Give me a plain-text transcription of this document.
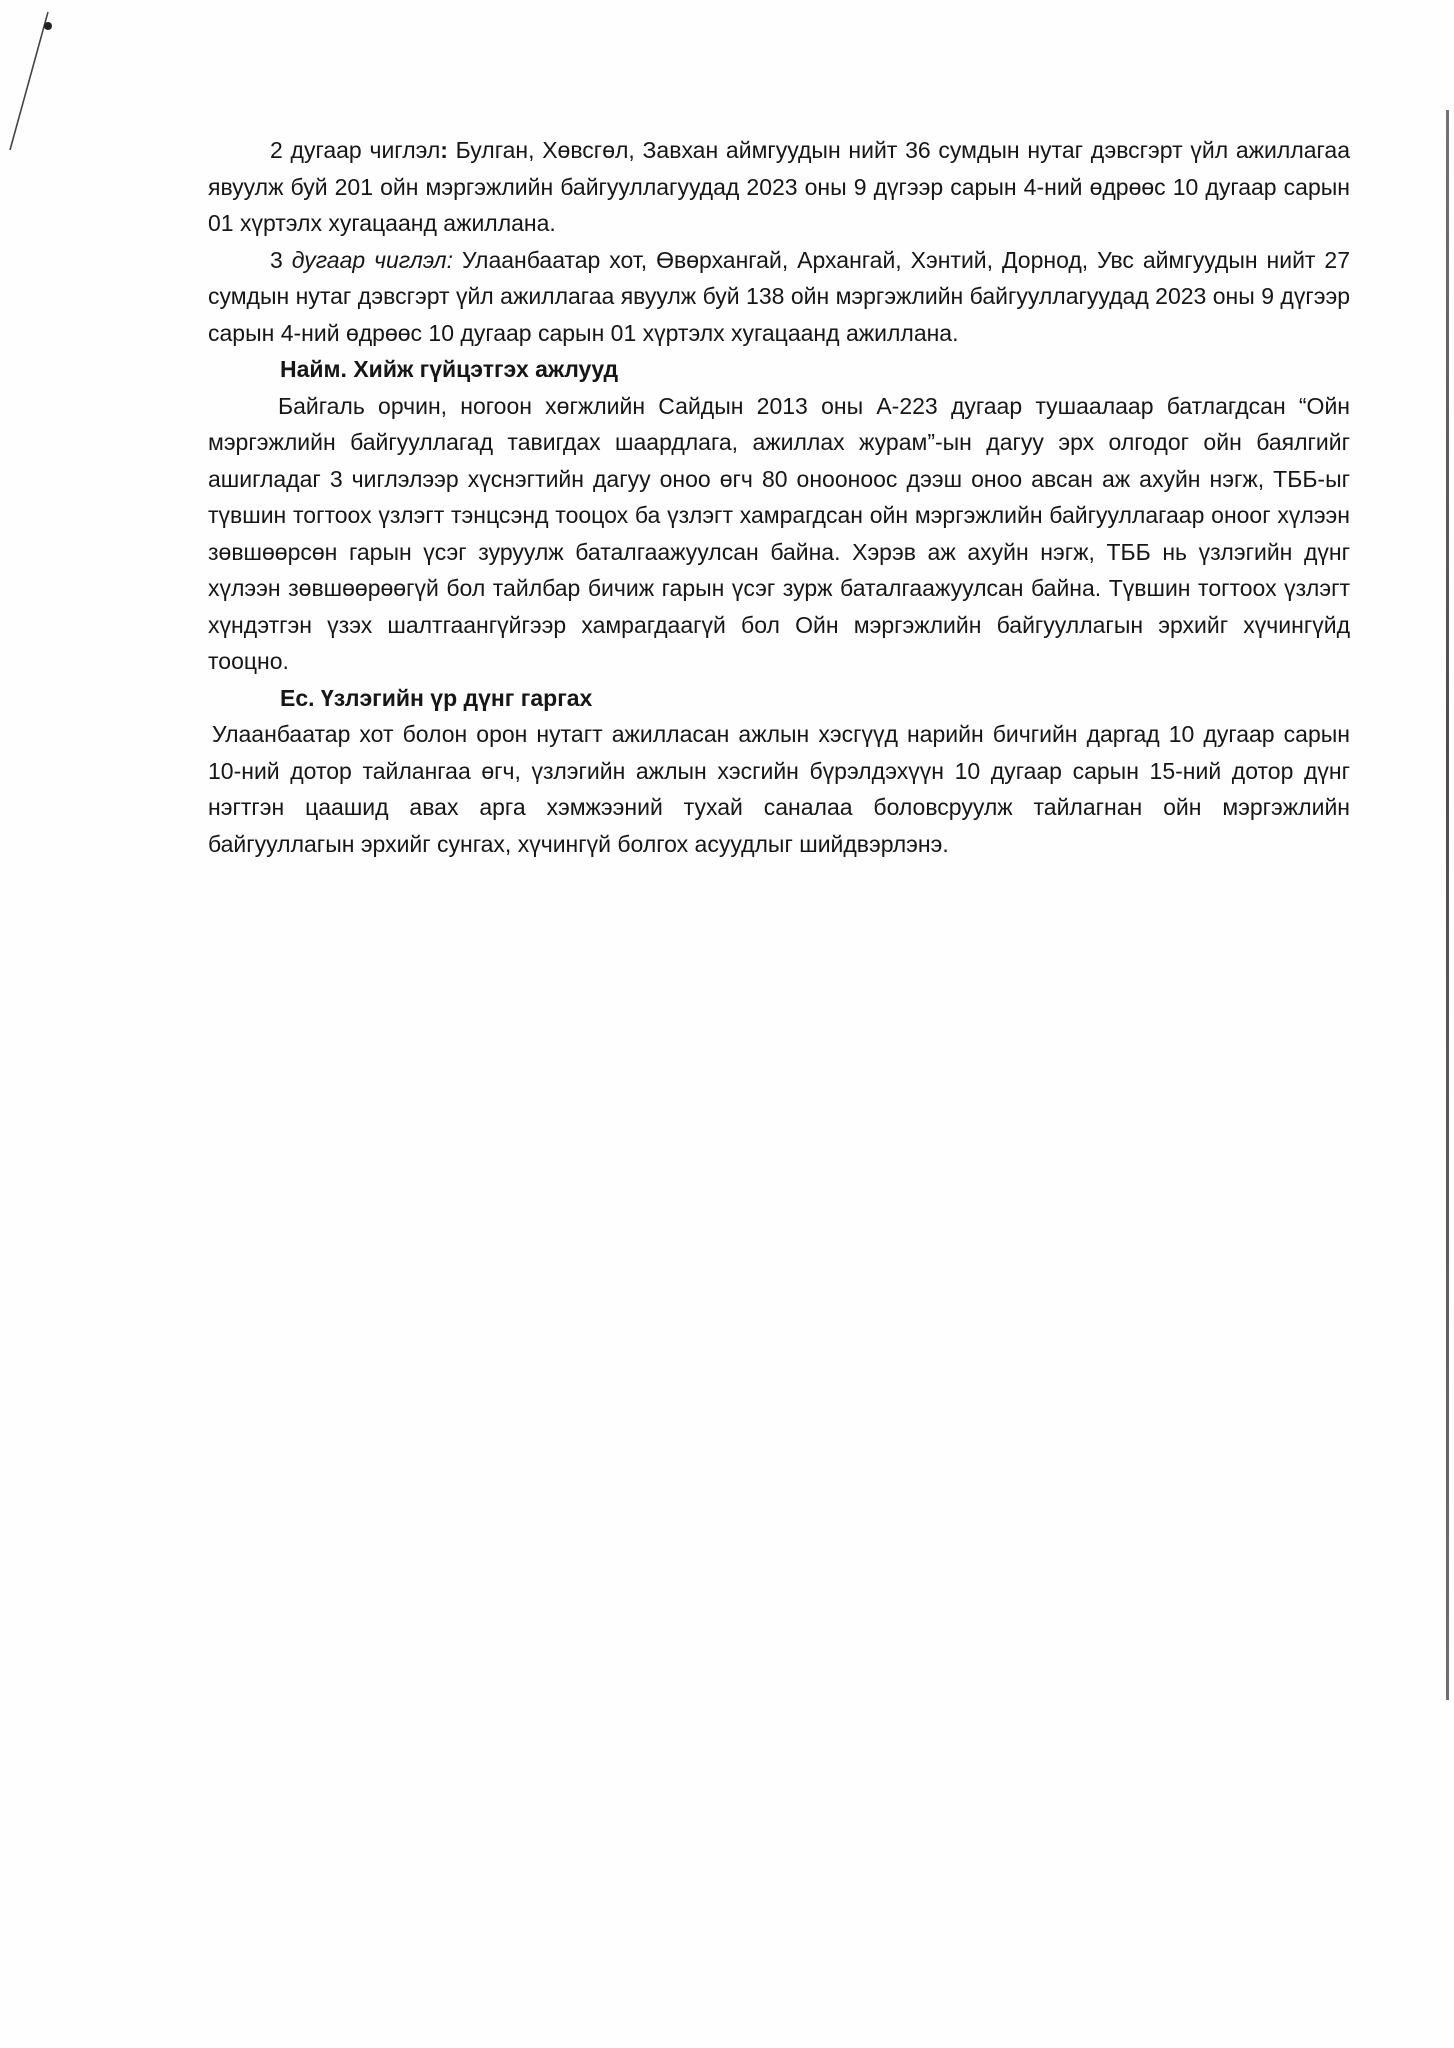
2 дугаар чиглэл: Булган, Хөвсгөл, Завхан аймгуудын нийт 36 сумдын нутаг дэвсгэрт үйл ажиллагаа явуулж буй 201 ойн мэргэжлийн байгууллагуудад 2023 оны 9 дүгээр сарын 4-ний өдрөөс 10 дугаар сарын 01 хүртэлх хугацаанд ажиллана.

3 дугаар чиглэл: Улаанбаатар хот, Өвөрхангай, Архангай, Хэнтий, Дорнод, Увс аймгуудын нийт 27 сумдын нутаг дэвсгэрт үйл ажиллагаа явуулж буй 138 ойн мэргэжлийн байгууллагуудад 2023 оны 9 дүгээр сарын 4-ний өдрөөс 10 дугаар сарын 01 хүртэлх хугацаанд ажиллана.

Найм. Хийж гүйцэтгэх ажлууд

Байгаль орчин, ногоон хөгжлийн Сайдын 2013 оны А-223 дугаар тушаалаар батлагдсан “Ойн мэргэжлийн байгууллагад тавигдах шаардлага, ажиллах журам”-ын дагуу эрх олгодог ойн баялгийг ашигладаг 3 чиглэлээр хүснэгтийн дагуу оноо өгч 80 онооноос дээш оноо авсан аж ахуйн нэгж, ТББ-ыг түвшин тогтоох үзлэгт тэнцсэнд тооцох ба үзлэгт хамрагдсан ойн мэргэжлийн байгууллагаар оноог хүлээн зөвшөөрсөн гарын үсэг зуруулж баталгаажуулсан байна. Хэрэв аж ахуйн нэгж, ТББ нь үзлэгийн дүнг хүлээн зөвшөөрөөгүй бол тайлбар бичиж гарын үсэг зурж баталгаажуулсан байна. Түвшин тогтоох үзлэгт хүндэтгэн үзэх шалтгаангүйгээр хамрагдаагүй бол Ойн мэргэжлийн байгууллагын эрхийг хүчингүйд тооцно.

Ес. Үзлэгийн үр дүнг гаргах

Улаанбаатар хот болон орон нутагт ажилласан ажлын хэсгүүд нарийн бичгийн даргад 10 дугаар сарын 10-ний дотор тайлангаа өгч, үзлэгийн ажлын хэсгийн бүрэлдэхүүн 10 дугаар сарын 15-ний дотор дүнг нэгтгэн цаашид авах арга хэмжээний тухай саналаа боловсруулж тайлагнан ойн мэргэжлийн байгууллагын эрхийг сунгах, хүчингүй болгох асуудлыг шийдвэрлэнэ.
